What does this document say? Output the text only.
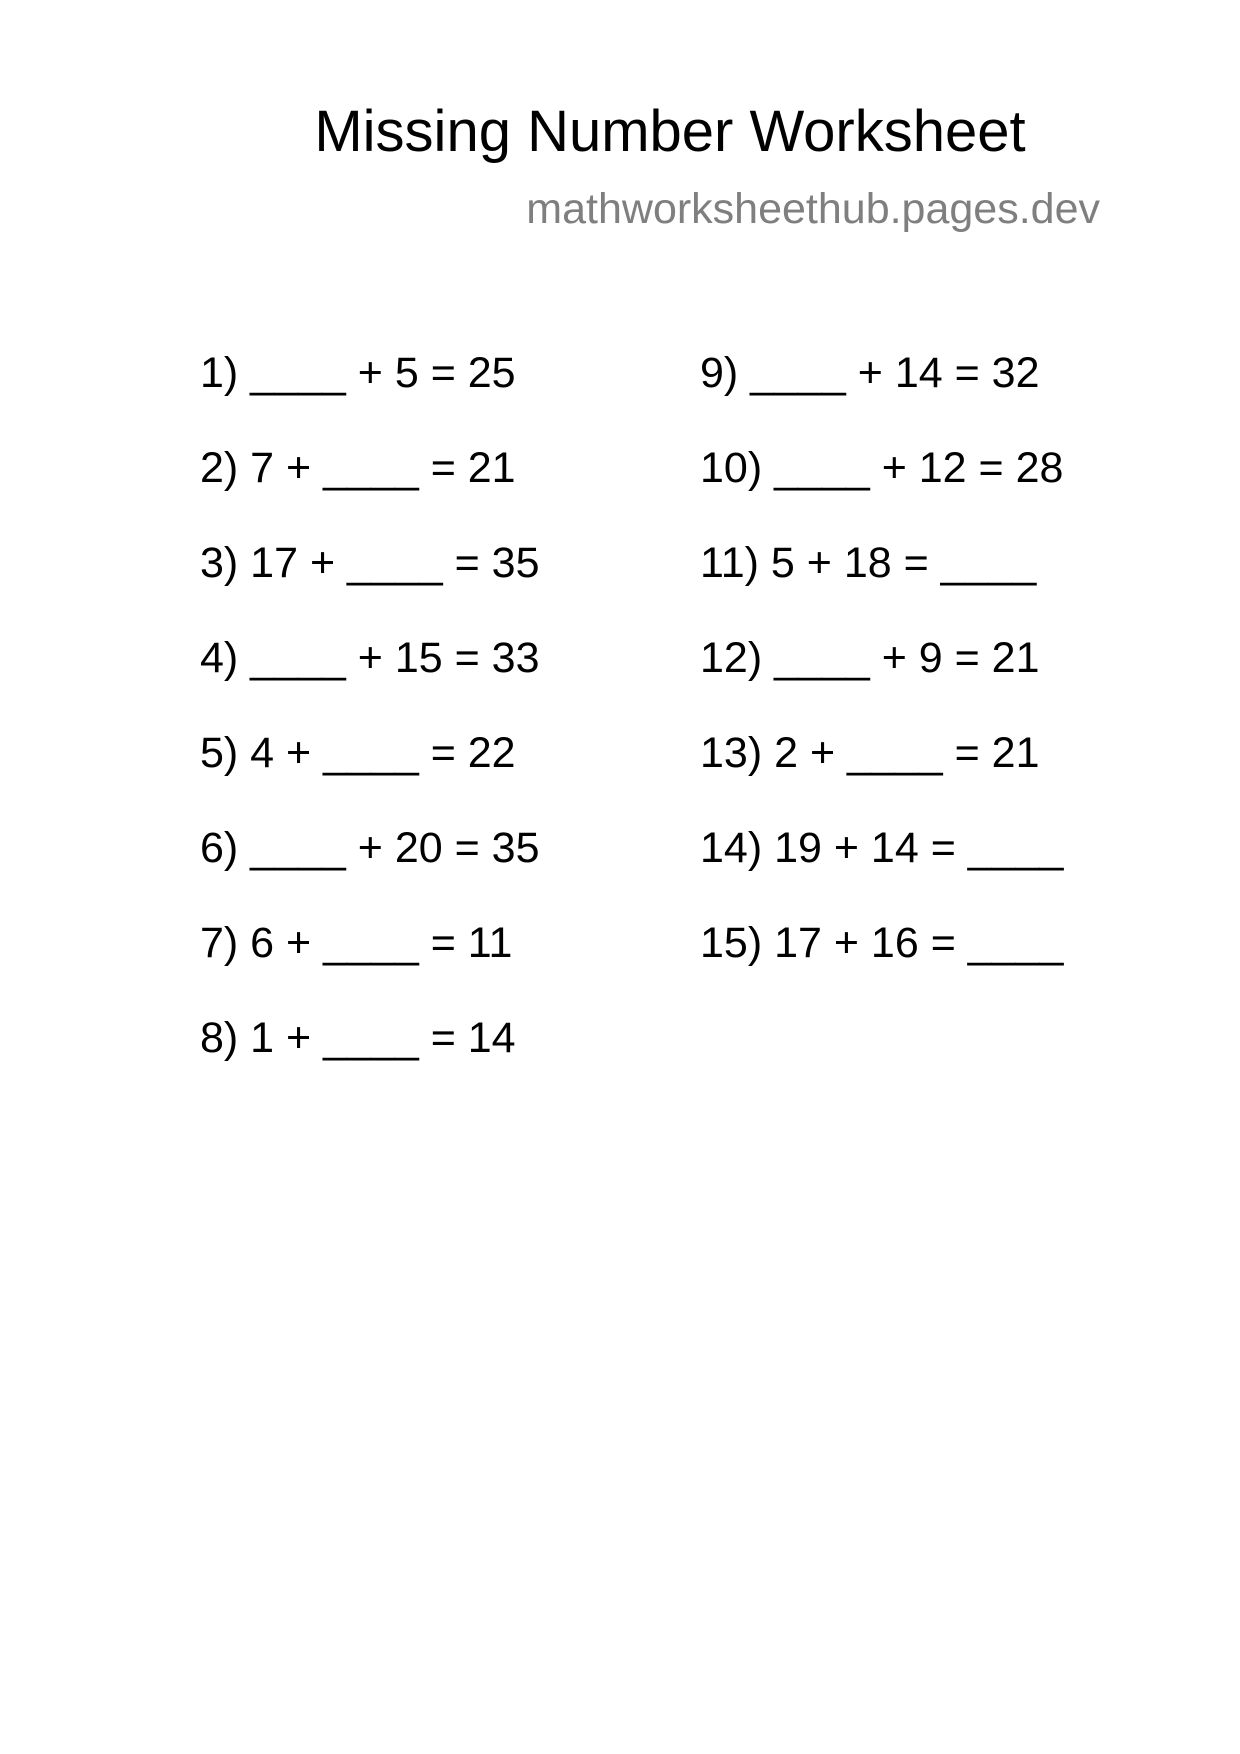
Missing Number Worksheet
mathworksheethub.pages.dev
1) ____ + 5 = 25
2) 7 + ____ = 21
3) 17 + ____ = 35
4) ____ + 15 = 33
5) 4 + ____ = 22
6) ____ + 20 = 35
7) 6 + ____ = 11
8) 1 + ____ = 14
9) ____ + 14 = 32
10) ____ + 12 = 28
11) 5 + 18 = ____
12) ____ + 9 = 21
13) 2 + ____ = 21
14) 19 + 14 = ____
15) 17 + 16 = ____
